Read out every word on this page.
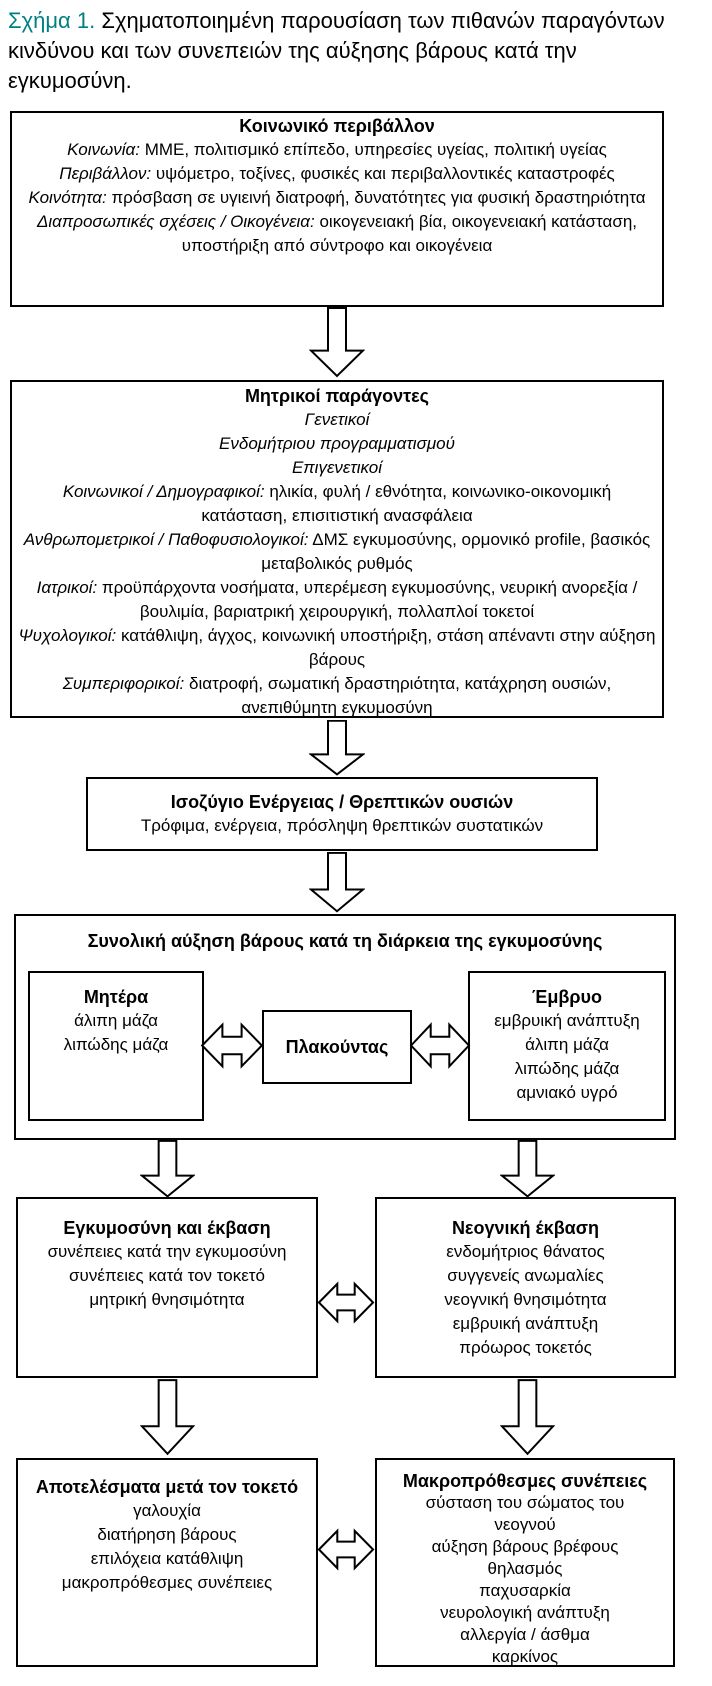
Σχήμα 1. Σχηματοποιημένη παρουσίαση των πιθανών παραγόντων κινδύνου και των συνεπειών της αύξησης βάρους κατά την εγκυμοσύνη.
Κοινωνικό περιβάλλον
Κοινωνία: ΜΜΕ, πολιτισμικό επίπεδο, υπηρεσίες υγείας, πολιτική υγείας
Περιβάλλον: υψόμετρο, τοξίνες, φυσικές και περιβαλλοντικές καταστροφές
Κοινότητα: πρόσβαση σε υγιεινή διατροφή, δυνατότητες για φυσική δραστηριότητα
Διαπροσωπικές σχέσεις / Οικογένεια: οικογενειακή βία, οικογενειακή κατάσταση, υποστήριξη από σύντροφο και οικογένεια
Μητρικοί παράγοντες
Γενετικοί
Ενδομήτριου προγραμματισμού
Επιγενετικοί
Κοινωνικοί / Δημογραφικοί: ηλικία, φυλή / εθνότητα, κοινωνικο-οικονομική κατάσταση, επισιτιστική ανασφάλεια
Ανθρωπομετρικοί / Παθοφυσιολογικοί: ΔΜΣ εγκυμοσύνης, ορμονικό profile, βασικός μεταβολικός ρυθμός
Ιατρικοί: προϋπάρχοντα νοσήματα, υπερέμεση εγκυμοσύνης, νευρική ανορεξία / βουλιμία, βαριατρική χειρουργική, πολλαπλοί τοκετοί
Ψυχολογικοί: κατάθλιψη, άγχος, κοινωνική υποστήριξη, στάση απέναντι στην αύξηση βάρους
Συμπεριφορικοί: διατροφή, σωματική δραστηριότητα, κατάχρηση ουσιών, ανεπιθύμητη εγκυμοσύνη
Ισοζύγιο Ενέργειας / Θρεπτικών ουσιών
Τρόφιμα, ενέργεια, πρόσληψη θρεπτικών συστατικών
Συνολική αύξηση βάρους κατά τη διάρκεια της εγκυμοσύνης
Μητέρα
άλιπη μάζα
λιπώδης μάζα	Πλακούντας
Έμβρυο
εμβρυική ανάπτυξη
άλιπη μάζα
λιπώδης μάζα
αμνιακό υγρό
Εγκυμοσύνη και έκβαση
συνέπειες κατά την εγκυμοσύνη
συνέπειες κατά τον τοκετό
μητρική θνησιμότητα
Νεογνική έκβαση
ενδομήτριος θάνατος
συγγενείς ανωμαλίες
νεογνική θνησιμότητα
εμβρυική ανάπτυξη
πρόωρος τοκετός
Αποτελέσματα μετά τον τοκετό
γαλουχία
διατήρηση βάρους
επιλόχεια κατάθλιψη
μακροπρόθεσμες συνέπειες
Μακροπρόθεσμες συνέπειες
σύσταση του σώματος του νεογνού
αύξηση βάρους βρέφους
θηλασμός
παχυσαρκία
νευρολογική ανάπτυξη
αλλεργία / άσθμα
καρκίνος
